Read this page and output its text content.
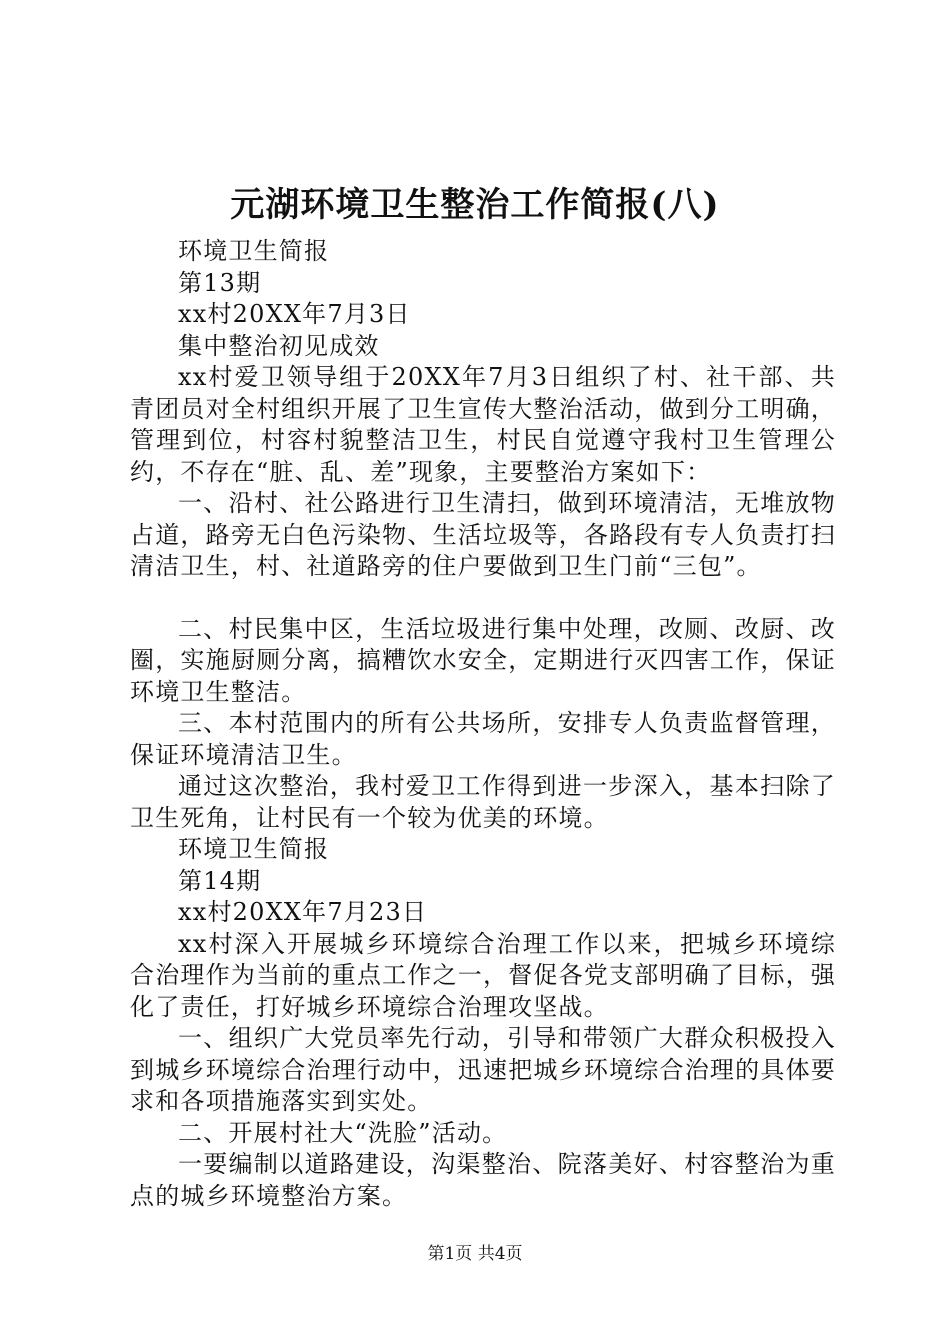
元湖环境卫生整治工作简报(八)

环境卫生简报

第13期

xx村20XX年7月3日

集中整治初见成效

xx村爱卫领导组于20XX年7月3日组织了村、社干部、共青团员对全村组织开展了卫生宣传大整治活动，做到分工明确，管理到位，村容村貌整洁卫生，村民自觉遵守我村卫生管理公约，不存在“脏、乱、差”现象，主要整治方案如下：

一、沿村、社公路进行卫生清扫，做到环境清洁，无堆放物占道，路旁无白色污染物、生活垃圾等，各路段有专人负责打扫清洁卫生，村、社道路旁的住户要做到卫生门前“三包”。

二、村民集中区，生活垃圾进行集中处理，改厕、改厨、改圈，实施厨厕分离，搞糟饮水安全，定期进行灭四害工作，保证环境卫生整洁。

三、本村范围内的所有公共场所，安排专人负责监督管理，保证环境清洁卫生。

通过这次整治，我村爱卫工作得到进一步深入，基本扫除了卫生死角，让村民有一个较为优美的环境。

环境卫生简报

第14期

xx村20XX年7月23日

xx村深入开展城乡环境综合治理工作以来，把城乡环境综合治理作为当前的重点工作之一，督促各党支部明确了目标，强化了责任，打好城乡环境综合治理攻坚战。

一、组织广大党员率先行动，引导和带领广大群众积极投入到城乡环境综合治理行动中，迅速把城乡环境综合治理的具体要求和各项措施落实到实处。

二、开展村社大“洗脸”活动。

一要编制以道路建设，沟渠整治、院落美好、村容整治为重点的城乡环境整治方案。

第1页 共4页
